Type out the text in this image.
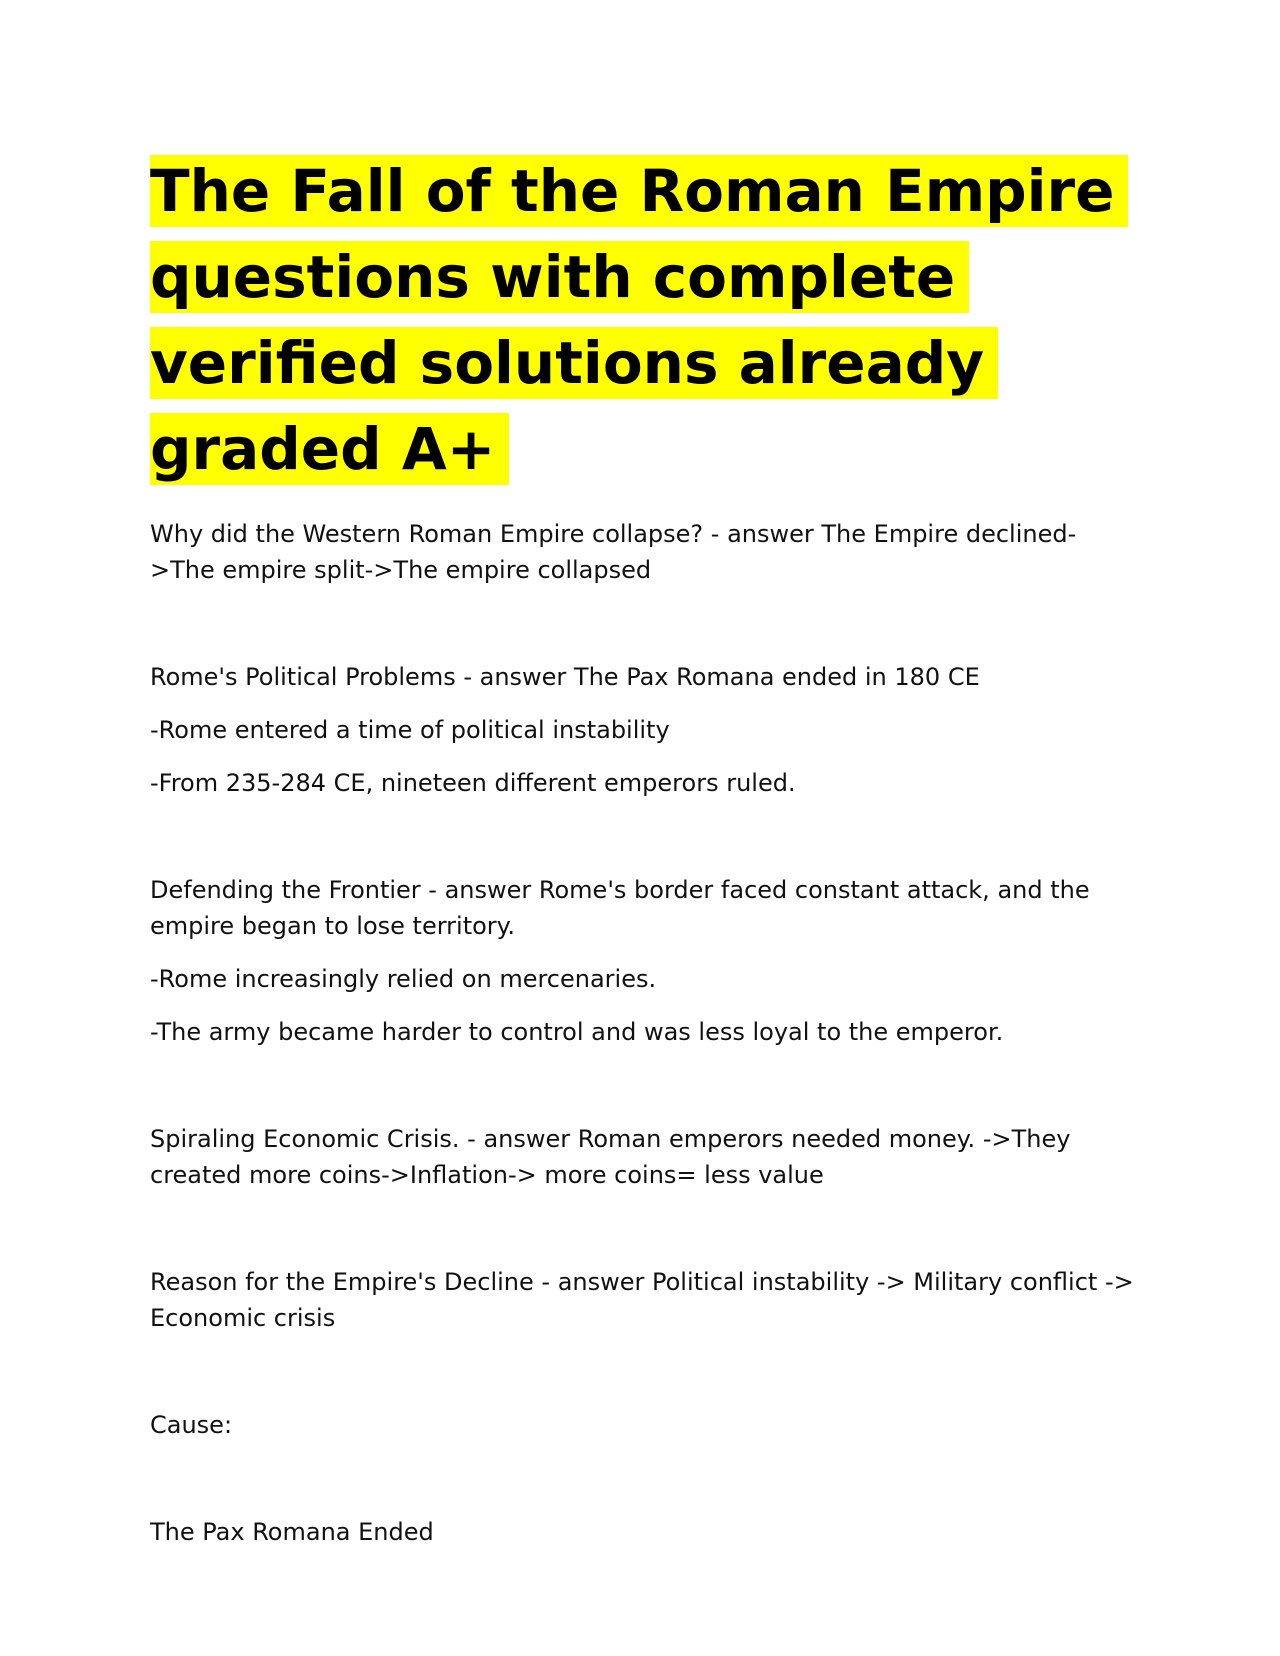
The Fall of the Roman Empire questions with complete verified solutions already graded A+

Why did the Western Roman Empire collapse? - answer The Empire declined->The empire split->The empire collapsed

Rome's Political Problems - answer The Pax Romana ended in 180 CE

-Rome entered a time of political instability

-From 235-284 CE, nineteen different emperors ruled.

Defending the Frontier - answer Rome's border faced constant attack, and the empire began to lose territory.

-Rome increasingly relied on mercenaries.

-The army became harder to control and was less loyal to the emperor.

Spiraling Economic Crisis. - answer Roman emperors needed money. ->They created more coins->Inflation-> more coins= less value

Reason for the Empire's Decline - answer Political instability -> Military conflict -> Economic crisis

Cause:

The Pax Romana Ended
